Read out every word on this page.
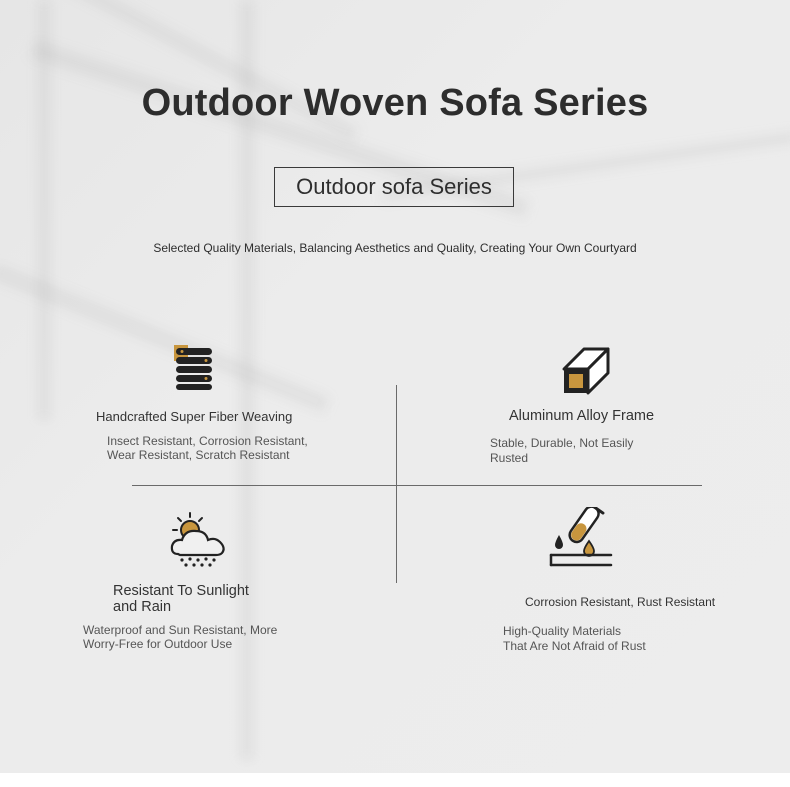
Outdoor Woven Sofa Series
Outdoor sofa Series
Selected Quality Materials, Balancing Aesthetics and Quality, Creating Your Own Courtyard
Handcrafted Super Fiber Weaving
Insect Resistant, Corrosion Resistant,
Wear Resistant, Scratch Resistant
Aluminum Alloy Frame
Stable, Durable, Not Easily
Rusted
Resistant To Sunlight
and Rain
Waterproof and Sun Resistant, More
Worry-Free for Outdoor Use
Corrosion Resistant, Rust Resistant
High-Quality Materials
That Are Not Afraid of Rust
